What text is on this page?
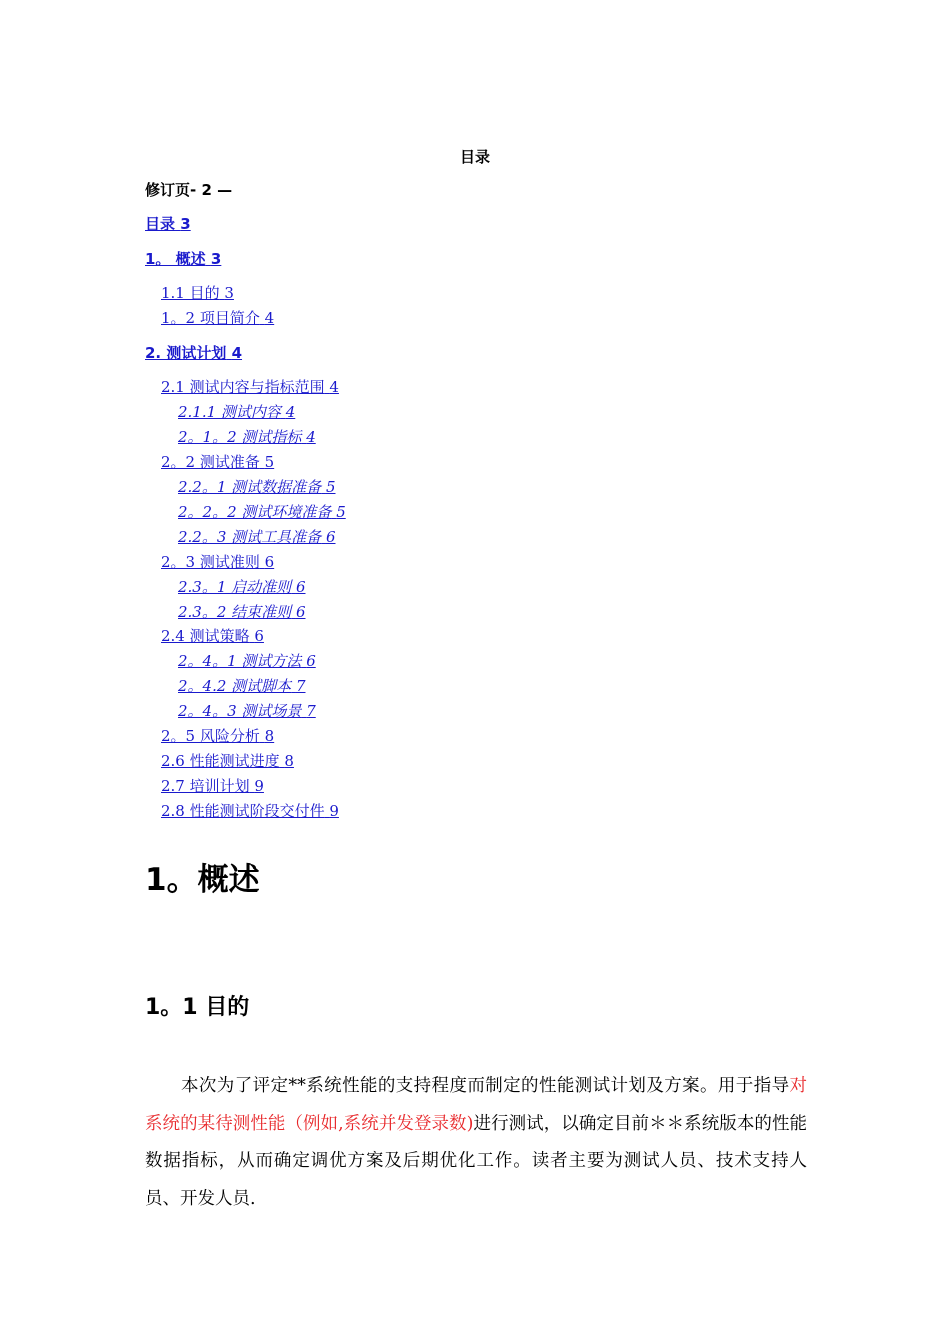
目录
修订页- 2 —
目录 3
1。 概述 3
1.1 目的 3
1。2 项目简介 4
2. 测试计划 4
2.1 测试内容与指标范围 4
2.1.1 测试内容 4
2。1。2 测试指标 4
2。2 测试准备 5
2.2。1 测试数据准备 5
2。2。2 测试环境准备 5
2.2。3 测试工具准备 6
2。3 测试准则 6
2.3。1 启动准则 6
2.3。2 结束准则 6
2.4 测试策略 6
2。4。1 测试方法 6
2。4.2 测试脚本 7
2。4。3 测试场景 7
2。5 风险分析 8
2.6 性能测试进度 8
2.7 培训计划 9
2.8 性能测试阶段交付件 9
1。概述
1。1 目的
本次为了评定**系统性能的支持程度而制定的性能测试计划及方案。用于指导对系统的某待测性能（例如,系统并发登录数)进行测试，以确定目前＊＊系统版本的性能数据指标，从而确定调优方案及后期优化工作。读者主要为测试人员、技术支持人员、开发人员.
